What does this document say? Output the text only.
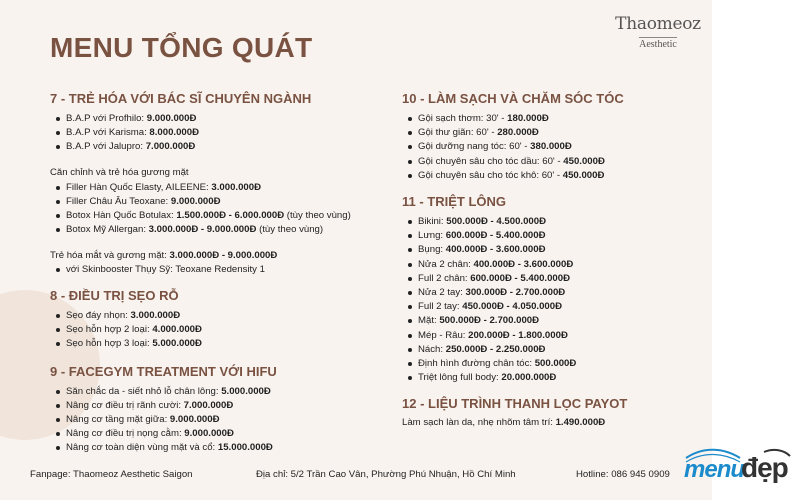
MENU TỔNG QUÁT
Thaomeoz
Aesthetic
7 - TRẺ HÓA VỚI BÁC SĨ CHUYÊN NGÀNH
B.A.P với Profhilo: 9.000.000Đ
B.A.P với Karisma: 8.000.000Đ
B.A.P với Jalupro: 7.000.000Đ
Căn chỉnh và trẻ hóa gương mặt
Filler Hàn Quốc Elasty, AILEENE: 3.000.000Đ
Filler Châu Âu Teoxane: 9.000.000Đ
Botox Hàn Quốc Botulax: 1.500.000Đ - 6.000.000Đ (tùy theo vùng)
Botox Mỹ Allergan: 3.000.000Đ - 9.000.000Đ (tùy theo vùng)
Trẻ hóa mắt và gương mặt: 3.000.000Đ - 9.000.000Đ
với Skinbooster Thụy Sỹ: Teoxane Redensity 1
8 - ĐIỀU TRỊ SẸO RỖ
Sẹo đáy nhọn: 3.000.000Đ
Sẹo hỗn hợp 2 loại: 4.000.000Đ
Sẹo hỗn hợp 3 loại: 5.000.000Đ
9 - FACEGYM TREATMENT VỚI HIFU
Săn chắc da - siết nhỏ lỗ chân lông: 5.000.000Đ
Nâng cơ điều trị rãnh cười: 7.000.000Đ
Nâng cơ tầng mặt giữa: 9.000.000Đ
Nâng cơ điều trị nọng cằm: 9.000.000Đ
Nâng cơ toàn diện vùng mặt và cổ: 15.000.000Đ
10 - LÀM SẠCH VÀ CHĂM SÓC TÓC
Gội sạch thơm: 30' - 180.000Đ
Gội thư giãn: 60' - 280.000Đ
Gội dưỡng nang tóc: 60' - 380.000Đ
Gội chuyên sâu cho tóc dầu: 60' - 450.000Đ
Gội chuyên sâu cho tóc khô: 60' - 450.000Đ
11 - TRIỆT LÔNG
Bikini: 500.000Đ - 4.500.000Đ
Lưng: 600.000Đ - 5.400.000Đ
Bụng: 400.000Đ - 3.600.000Đ
Nửa 2 chân: 400.000Đ - 3.600.000Đ
Full 2 chân: 600.000Đ - 5.400.000Đ
Nửa 2 tay: 300.000Đ - 2.700.000Đ
Full 2 tay: 450.000Đ - 4.050.000Đ
Mặt: 500.000Đ - 2.700.000Đ
Mép - Râu: 200.000Đ - 1.800.000Đ
Nách: 250.000Đ - 2.250.000Đ
Định hình đường chân tóc: 500.000Đ
Triệt lông full body: 20.000.000Đ
12 - LIỆU TRÌNH THANH LỌC PAYOT
Làm sạch làn da, nhẹ nhõm tâm trí: 1.490.000Đ
Fanpage: Thaomeoz Aesthetic Saigon	Địa chỉ: 5/2 Trần Cao Vân, Phường Phú Nhuận, Hồ Chí Minh	Hotline: 086 945 0909 menu
đẹp
